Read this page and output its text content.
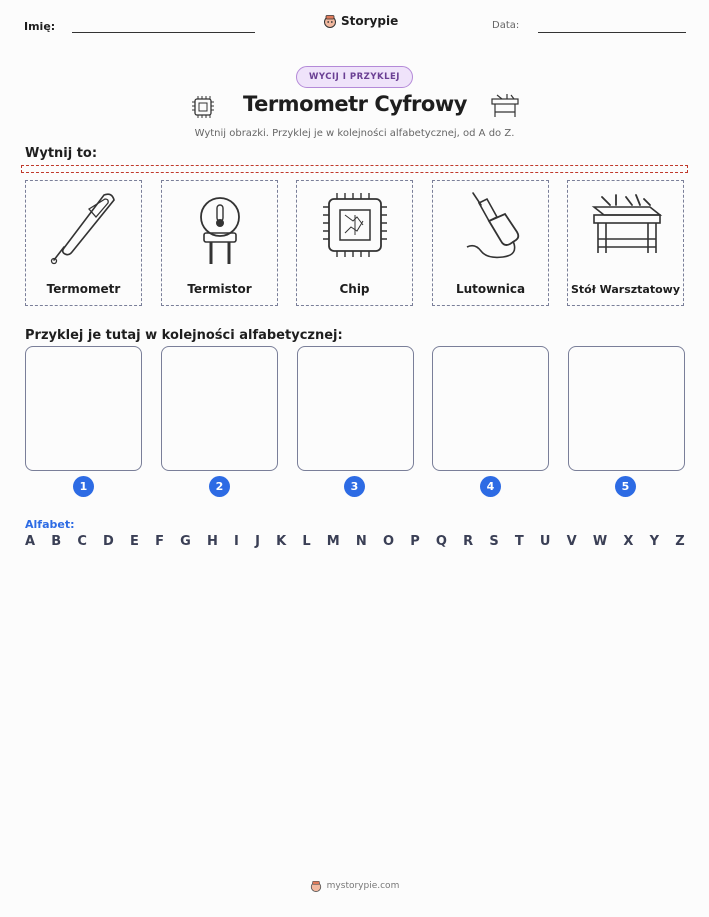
Imię:	Storypie	Data:
WYCIJ I PRZYKLEJ
Termometr Cyfrowy
Wytnij obrazki. Przyklej je w kolejności alfabetycznej, od A do Z.
Wytnij to:
Termometr	Termistor	Chip	Lutownica	Stół Warsztatowy
Przyklej je tutaj w kolejności alfabetycznej:
1	2	3	4	5
Alfabet:
A B C D E F G H I J K L M N O P Q R S T U V W X Y Z
mystorypie.com
